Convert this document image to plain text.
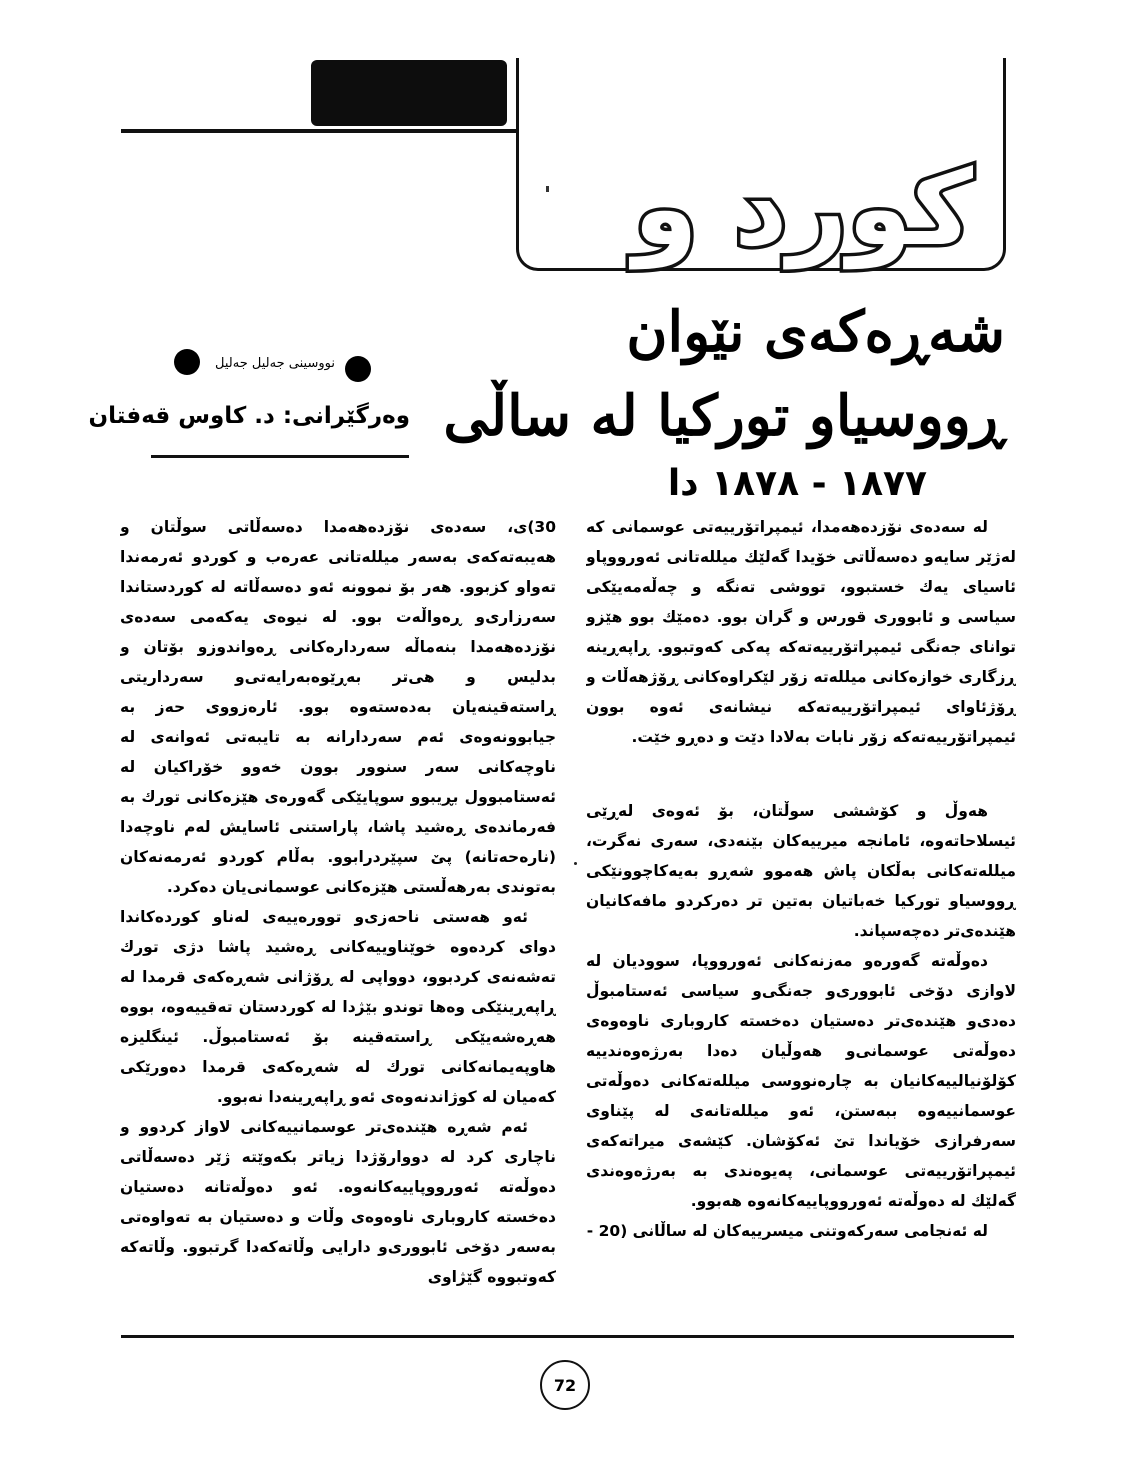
کورد و
شەڕەکەی نێوان
ڕووسیاو تورکیا لە ساڵی
١٨٧٧ - ١٨٧٨ دا
نووسینی جەلیل جەلیل
وەرگێرانی: د. کاوس قەفتان

لە سەدەی نۆزدەهەمدا، ئیمپراتۆرییەتی عوسمانی کە لەژێر سایەو دەسەڵاتی خۆیدا گەلێك میللەتانی ئەورووپاو ئاسیای یەك خستبوو، تووشی تەنگە و چەڵەمەیێکی سیاسی و ئابووری قورس و گران بوو. دەمێك بوو هێزو توانای جەنگی ئیمپراتۆرییەتەکە پەکی کەوتبوو. ڕاپەڕینە ڕزگاری خوازەکانی میللەتە زۆر لێکراوەکانی ڕۆژهەڵات و ڕۆژئاوای ئیمپراتۆرییەتەکە نیشانەی ئەوە بوون ئیمپراتۆرییەتەکە زۆر نابات بەلادا دێت و دەڕو خێت.

هەوڵ و کۆششی سوڵتان، بۆ ئەوەی لەڕێی ئیسلاحاتەوە، ئامانجە میرییەکان بێنەدی، سەری نەگرت، میللەتەکانی بەڵکان پاش هەموو شەڕو بەیەکاچوونێکی ڕووسیاو تورکیا خەباتیان بەتین تر دەرکردو مافەکانیان هێندەی‌تر دەچەسپاند.

دەوڵەتە گەورەو مەزنەکانی ئەورووپا، سوودیان لە لاوازی دۆخی ئابووری‌و جەنگی‌و سیاسی ئەستامبوڵ دەدی‌و هێندەی‌تر دەستیان دەخستە کاروباری ناوەوەی دەوڵەتی عوسمانی‌و هەوڵیان دەدا بەرژەوەندییە کۆلۆنیالییەکانیان بە چارەنووسی میللەتەکانی دەوڵەتی عوسمانییەوە ببەستن، ئەو میللەتانەی لە پێناوی سەرفرازی خۆیاندا تێ ئەکۆشان. کێشەی میراتەکەی ئیمپراتۆرییەتی عوسمانی، پەیوەندی بە بەرژەوەندی گەلێك لە دەوڵەتە ئەورووپاییەکانەوە هەبوو.

لە ئەنجامی سەرکەوتنی میسرییەکان لە ساڵانی (20 -

30)ی، سەدەی نۆزدەهەمدا دەسەڵاتی سوڵتان و هەیبەتەکەی بەسەر میللەتانی عەرەب و کوردو ئەرمەندا تەواو کزبوو. هەر بۆ نموونە ئەو دەسەڵاتە لە کوردستاندا سەرزاری‌و ڕەواڵەت بوو. لە نیوەی یەکەمی سەدەی نۆزدەهەمدا بنەماڵە سەردارەکانی ڕەواندوزو بۆتان و بدلیس و هی‌تر بەڕێوەبەرایەتی‌و سەرداریتی ڕاستەقینەیان بەدەستەوە بوو. ئارەزووی حەز بە جیابوونەوەی ئەم سەردارانە بە تایبەتی ئەوانەی لە ناوچەکانی سەر سنوور بوون خەوو خۆراکیان لە ئەستامبوول بڕیبوو سوپایێکی گەورەی هێزەکانی تورك بە فەرماندەی ڕەشید پاشا، پاراستنی ئاسایش لەم ناوچەدا (نارەحەتانە) پێ سپێردرابوو. بەڵام کوردو ئەرمەنەکان بەتوندی بەرهەڵستی هێزەکانی عوسمانی‌یان دەکرد.

ئەو هەستی ناحەزی‌و توورەییەی لەناو کوردەکاندا دوای کردەوە خوێناوییەکانی ڕەشید پاشا دژی تورك تەشەنەی کردبوو، دوواپی لە ڕۆژانی شەڕەکەی قرمدا لە ڕاپەڕینێکی وەها توندو بێژدا لە کوردستان تەقییەوە، بووە هەڕەشەیێکی ڕاستەقینە بۆ ئەستامبوڵ. ئینگلیزە هاوپەیمانەکانی تورك لە شەڕەکەی قرمدا دەورێکی کەمیان لە کوژاندنەوەی ئەو ڕاپەڕینەدا نەبوو.

ئەم شەڕە هێندەی‌تر عوسمانییەکانی لاواز کردوو و ناچاری کرد لە دووارۆژدا زیاتر بکەوێتە ژێر دەسەڵاتی دەوڵەتە ئەورووپاییەکانەوە. ئەو دەوڵەتانە دەستیان دەخستە کاروباری ناوەوەی وڵات و دەستیان بە تەواوەتی بەسەر دۆخی ئابووری‌و دارایی وڵاتەکەدا گرتبوو. وڵاتەکە کەوتبووە گێژاوی

72
